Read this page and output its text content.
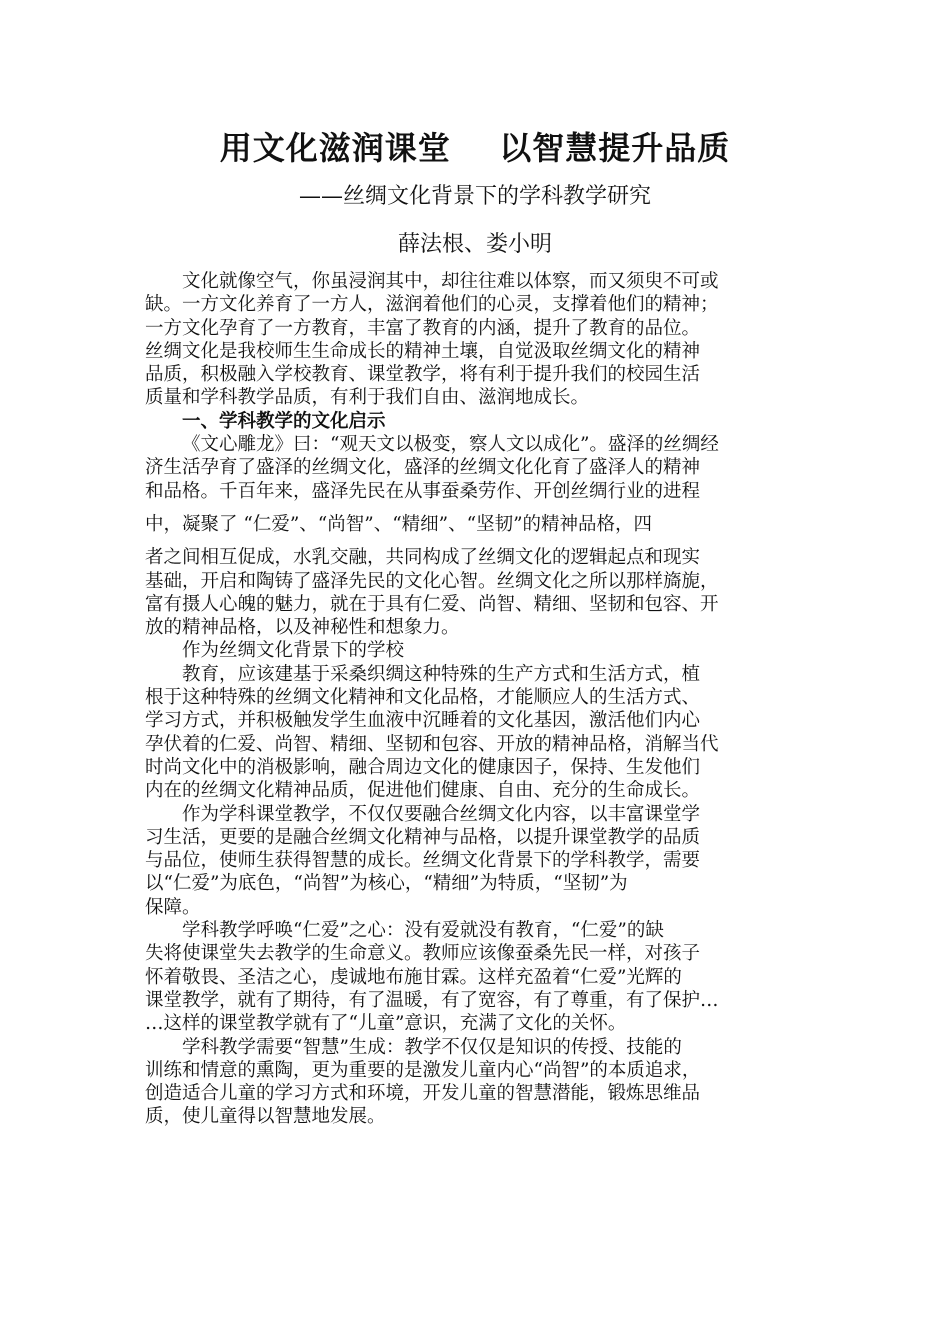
用文化滋润课堂    以智慧提升品质
——丝绸文化背景下的学科教学研究
薛法根、娄小明
文化就像空气，你虽浸润其中，却往往难以体察，而又须臾不可或
缺。一方文化养育了一方人，滋润着他们的心灵，支撑着他们的精神；
一方文化孕育了一方教育，丰富了教育的内涵，提升了教育的品位。
丝绸文化是我校师生生命成长的精神土壤，自觉汲取丝绸文化的精神
品质，积极融入学校教育、课堂教学，将有利于提升我们的校园生活
质量和学科教学品质，有利于我们自由、滋润地成长。
一、学科教学的文化启示
《文心雕龙》曰：“观天文以极变，察人文以成化”。盛泽的丝绸经
济生活孕育了盛泽的丝绸文化，盛泽的丝绸文化化育了盛泽人的精神
和品格。千百年来，盛泽先民在从事蚕桑劳作、开创丝绸行业的进程
中，凝聚了 “仁爱”、“尚智”、“精细”、“坚韧”的精神品格，四
者之间相互促成，水乳交融，共同构成了丝绸文化的逻辑起点和现实
基础，开启和陶铸了盛泽先民的文化心智。丝绸文化之所以那样旖旎，
富有摄人心魄的魅力，就在于具有仁爱、尚智、精细、坚韧和包容、开
放的精神品格，以及神秘性和想象力。
作为丝绸文化背景下的学校
教育，应该建基于采桑织绸这种特殊的生产方式和生活方式，植
根于这种特殊的丝绸文化精神和文化品格，才能顺应人的生活方式、
学习方式，并积极触发学生血液中沉睡着的文化基因，激活他们内心
孕伏着的仁爱、尚智、精细、坚韧和包容、开放的精神品格，消解当代
时尚文化中的消极影响，融合周边文化的健康因子，保持、生发他们
内在的丝绸文化精神品质，促进他们健康、自由、充分的生命成长。
作为学科课堂教学，不仅仅要融合丝绸文化内容，以丰富课堂学
习生活，更要的是融合丝绸文化精神与品格，以提升课堂教学的品质
与品位，使师生获得智慧的成长。丝绸文化背景下的学科教学，需要
以“仁爱”为底色，“尚智”为核心，“精细”为特质，“坚韧”为
保障。
学科教学呼唤“仁爱”之心：没有爱就没有教育，“仁爱”的缺
失将使课堂失去教学的生命意义。教师应该像蚕桑先民一样，对孩子
怀着敬畏、圣洁之心，虔诚地布施甘霖。这样充盈着“仁爱”光辉的
课堂教学，就有了期待，有了温暖，有了宽容，有了尊重，有了保护…
…这样的课堂教学就有了“儿童”意识，充满了文化的关怀。
学科教学需要“智慧”生成：教学不仅仅是知识的传授、技能的
训练和情意的熏陶，更为重要的是激发儿童内心“尚智”的本质追求，
创造适合儿童的学习方式和环境，开发儿童的智慧潜能，锻炼思维品
质，使儿童得以智慧地发展。
